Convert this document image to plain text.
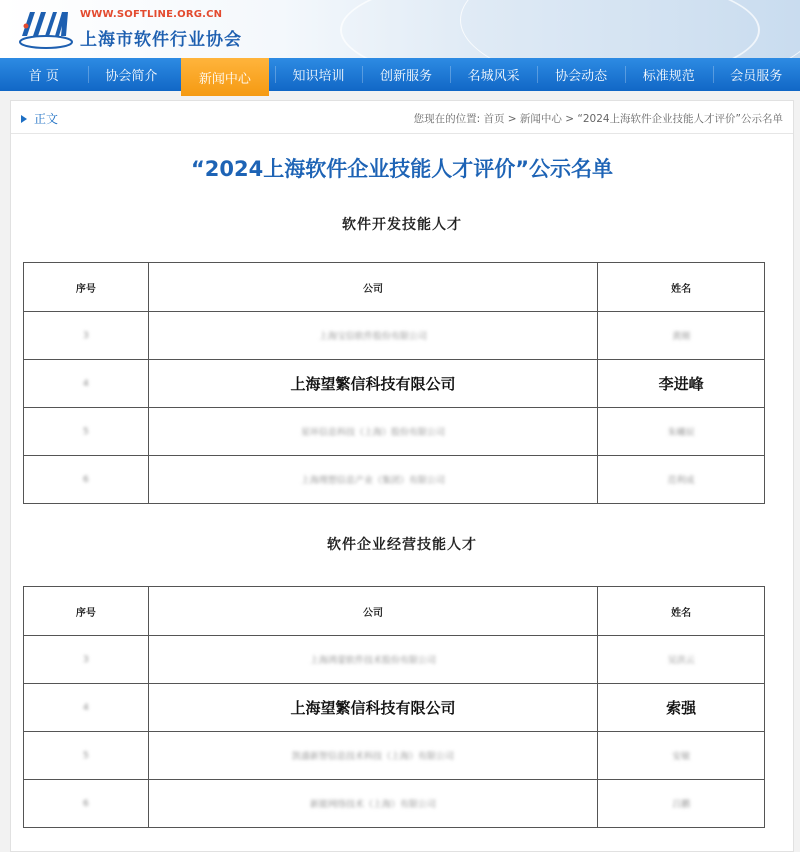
WWW.SOFTLINE.ORG.CN
上海市软件行业协会
首 页	协会简介	新闻中心	知识培训	创新服务	名城风采	协会动态	标准规范	会员服务
正文	您现在的位置: 首页 > 新闻中心 > “2024上海软件企业技能人才评价”公示名单
“2024上海软件企业技能人才评价”公示名单
软件开发技能人才
序号	公司	姓名
3	上海宝信软件股份有限公司	黄刚
4	上海望繁信科技有限公司	李进峰
5	星环信息科技（上海）股份有限公司	朱曦辰
6	上海理想信息产业（集团）有限公司	范利成
软件企业经营技能人才
序号	公司	姓名
3	上海鸿蒙软件技术股份有限公司	吴洪云
4	上海望繁信科技有限公司	索强
5	凯盛新智信息技术科技（上海）有限公司	安敏
6	新能网络技术（上海）有限公司	吕鹏
